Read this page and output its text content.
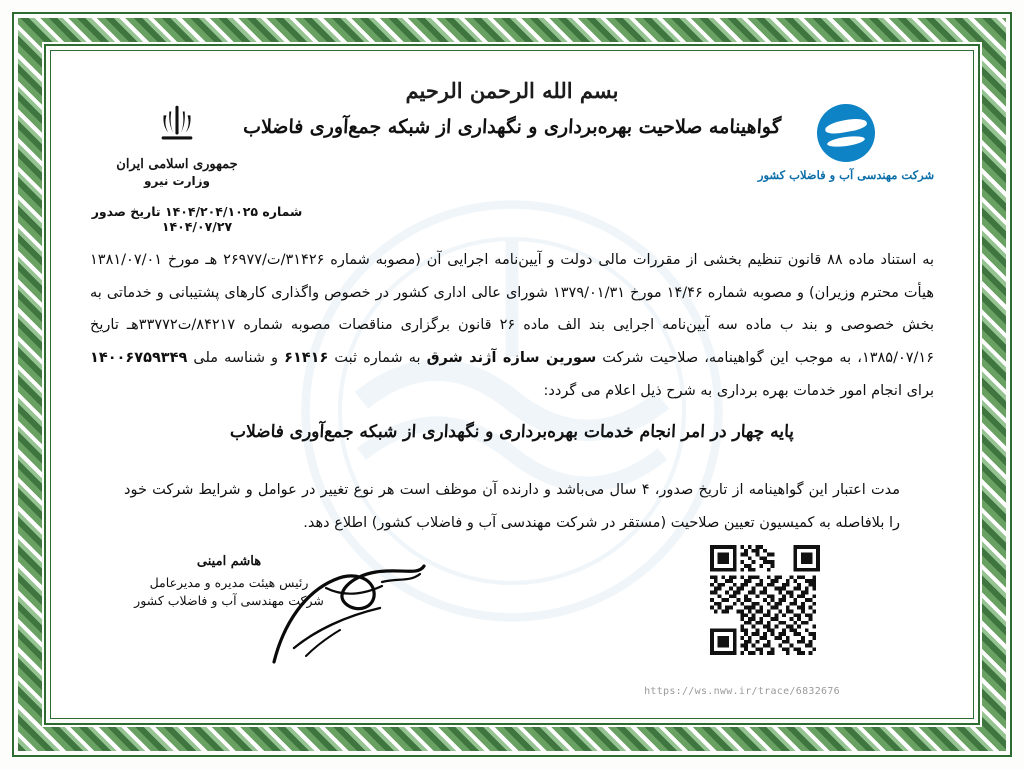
بسم الله الرحمن الرحیم
گواهینامه صلاحیت بهره‌برداری و نگهداری از شبکه جمع‌آوری فاضلاب
جمهوری اسلامی ایران
وزارت نیرو
شماره ۱۴۰۴/۲۰۴/۱۰۲۵ تاریخ صدور ۱۴۰۴/۰۷/۲۷
شرکت مهندسی آب و فاضلاب کشور
به استناد ماده ۸۸ قانون تنظیم بخشی از مقررات مالی دولت و آیین‌نامه اجرایی آن (مصوبه شماره ۳۱۴۲۶/ت/۲۶۹۷۷ هـ مورخ ۱۳۸۱/۰۷/۰۱ هیأت محترم وزیران) و مصوبه شماره ۱۴/۴۶ مورخ ۱۳۷۹/۰۱/۳۱ شورای عالی اداری کشور در خصوص واگذاری کارهای پشتیبانی و خدماتی به بخش خصوصی و بند ب ماده سه آیین‌نامه اجرایی بند الف ماده ۲۶ قانون برگزاری مناقصات مصوبه شماره ۸۴۲۱۷/ت۳۳۷۷۲هـ تاریخ ۱۳۸۵/۰۷/۱۶، به موجب این گواهینامه، صلاحیت شرکت سورین سازه آژند شرق به شماره ثبت ۶۱۴۱۶ و شناسه ملی ۱۴۰۰۶۷۵۹۳۴۹ برای انجام امور خدمات بهره برداری به شرح ذیل اعلام می گردد:
پایه چهار در امر انجام خدمات بهره‌برداری و نگهداری از شبکه جمع‌آوری فاضلاب
مدت اعتبار این گواهینامه از تاریخ صدور، ۴ سال می‌باشد و دارنده آن موظف است هر نوع تغییر در عوامل و شرایط شرکت خود را بلافاصله به کمیسیون تعیین صلاحیت (مستقر در شرکت مهندسی آب و فاضلاب کشور) اطلاع دهد.
هاشم امینی
رئیس هیئت مدیره و مدیرعامل
شرکت مهندسی آب و فاضلاب کشور
https://ws.nww.ir/trace/6832676
